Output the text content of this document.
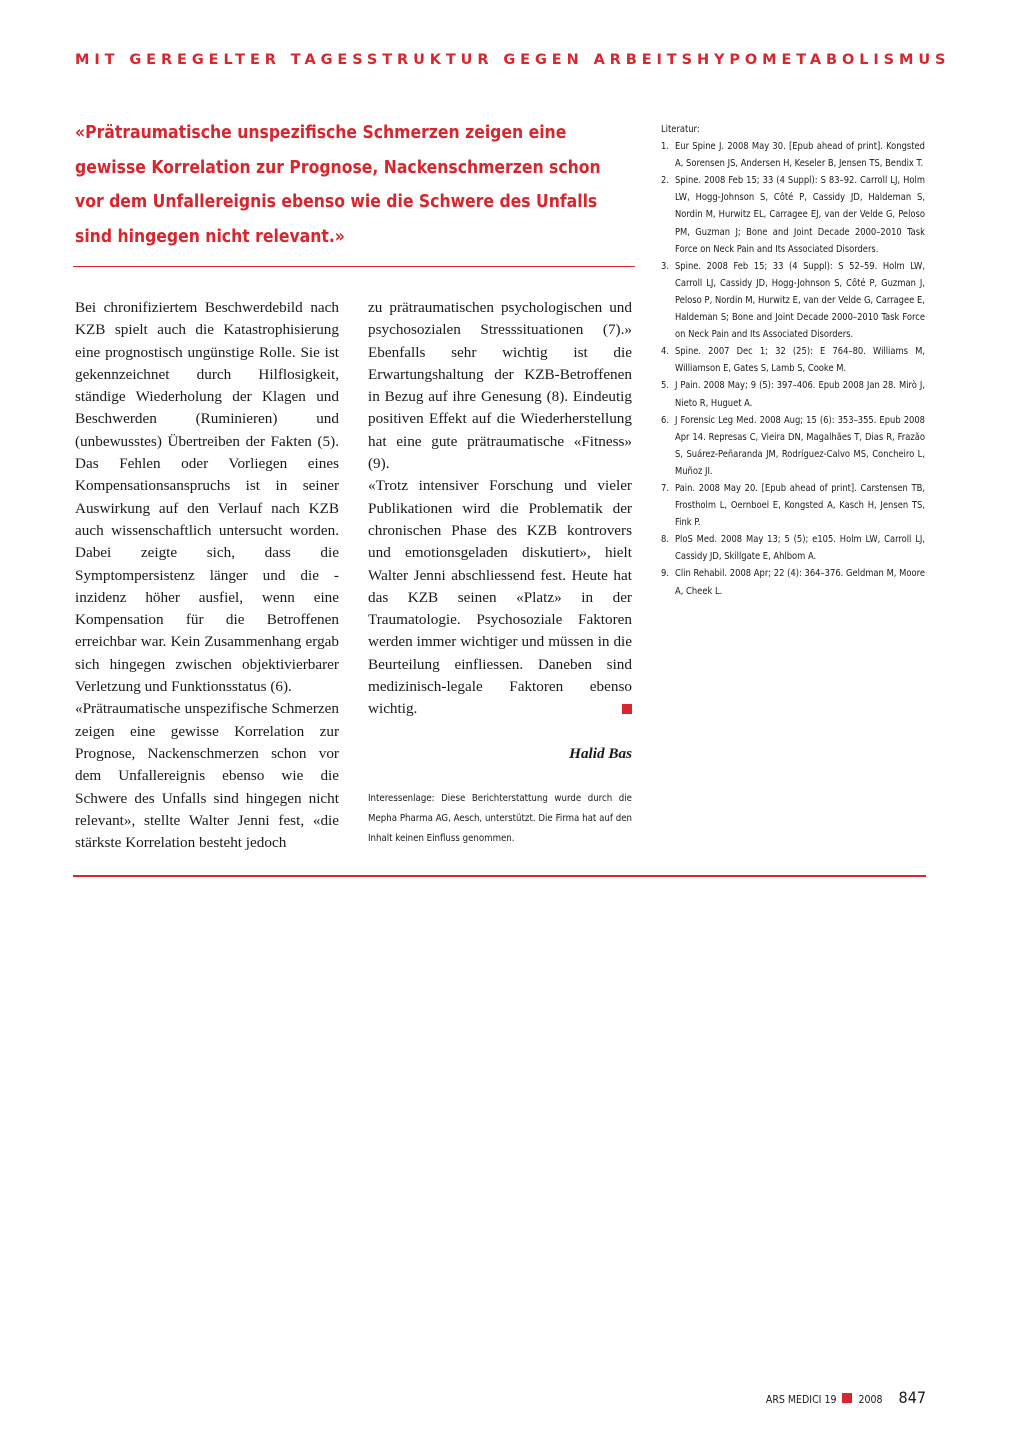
MIT GEREGELTER TAGESSTRUKTUR GEGEN ARBEITSHYPOMETABOLISMUS
«Prätraumatische unspezifische Schmerzen zeigen eine gewisse Korrelation zur Prognose, Nackenschmerzen schon vor dem Unfallereignis ebenso wie die Schwere des Unfalls sind hingegen nicht relevant.»

Bei chronifiziertem Beschwerdebild nach KZB spielt auch die Katastrophisierung eine prognostisch ungünstige Rolle. Sie ist gekennzeichnet durch Hilflosigkeit, ständige Wiederholung der Klagen und Beschwerden (Ruminieren) und (unbewusstes) Übertreiben der Fakten (5). Das Fehlen oder Vorliegen eines Kompensationsanspruchs ist in seiner Auswirkung auf den Verlauf nach KZB auch wissenschaftlich untersucht worden. Dabei zeigte sich, dass die Symptompersistenz länger und die -inzidenz höher ausfiel, wenn eine Kompensation für die Betroffenen erreichbar war. Kein Zusammenhang ergab sich hingegen zwischen objektivierbarer Verletzung und Funktionsstatus (6).

«Prätraumatische unspezifische Schmerzen zeigen eine gewisse Korrelation zur Prognose, Nackenschmerzen schon vor dem Unfallereignis ebenso wie die Schwere des Unfalls sind hingegen nicht relevant», stellte Walter Jenni fest, «die stärkste Korrelation besteht jedoch

zu prätraumatischen psychologischen und psychosozialen Stresssituationen (7).» Ebenfalls sehr wichtig ist die Erwartungshaltung der KZB-Betroffenen in Bezug auf ihre Genesung (8). Eindeutig positiven Effekt auf die Wiederherstellung hat eine gute prätraumatische «Fitness» (9).

«Trotz intensiver Forschung und vieler Publikationen wird die Problematik der chronischen Phase des KZB kontrovers und emotionsgeladen diskutiert», hielt Walter Jenni abschliessend fest. Heute hat das KZB seinen «Platz» in der Traumatologie. Psychosoziale Faktoren werden immer wichtiger und müssen in die Beurteilung einfliessen. Daneben sind medizinisch-legale Faktoren ebenso wichtig.

Halid Bas

Interessenlage: Diese Berichterstattung wurde durch die Mepha Pharma AG, Aesch, unterstützt. Die Firma hat auf den Inhalt keinen Einfluss genommen.

Literatur:

1. Eur Spine J. 2008 May 30. [Epub ahead of print]. Kongsted A, Sorensen JS, Andersen H, Keseler B, Jensen TS, Bendix T.
2. Spine. 2008 Feb 15; 33 (4 Suppl): S 83–92. Carroll LJ, Holm LW, Hogg-Johnson S, Côté P, Cassidy JD, Haldeman S, Nordin M, Hurwitz EL, Carragee EJ, van der Velde G, Peloso PM, Guzman J; Bone and Joint Decade 2000–2010 Task Force on Neck Pain and Its Associated Disorders.
3. Spine. 2008 Feb 15; 33 (4 Suppl): S 52–59. Holm LW, Carroll LJ, Cassidy JD, Hogg-Johnson S, Côté P, Guzman J, Peloso P, Nordin M, Hurwitz E, van der Velde G, Carragee E, Haldeman S; Bone and Joint Decade 2000–2010 Task Force on Neck Pain and Its Associated Disorders.
4. Spine. 2007 Dec 1; 32 (25): E 764–80. Williams M, Williamson E, Gates S, Lamb S, Cooke M.
5. J Pain. 2008 May; 9 (5): 397–406. Epub 2008 Jan 28. Mirò J, Nieto R, Huguet A.
6. J Forensic Leg Med. 2008 Aug; 15 (6): 353–355. Epub 2008 Apr 14. Represas C, Vieira DN, Magalhães T, Dias R, Frazão S, Suárez-Peñaranda JM, Rodríguez-Calvo MS, Concheiro L, Muñoz JI.
7. Pain. 2008 May 20. [Epub ahead of print]. Carstensen TB, Frostholm L, Oernboel E, Kongsted A, Kasch H, Jensen TS, Fink P.
8. PloS Med. 2008 May 13; 5 (5); e105. Holm LW, Carroll LJ, Cassidy JD, Skillgate E, Ahlbom A.
9. Clin Rehabil. 2008 Apr; 22 (4): 364–376. Geldman M, Moore A, Cheek L.
ARS MEDICI 19 2008 847
